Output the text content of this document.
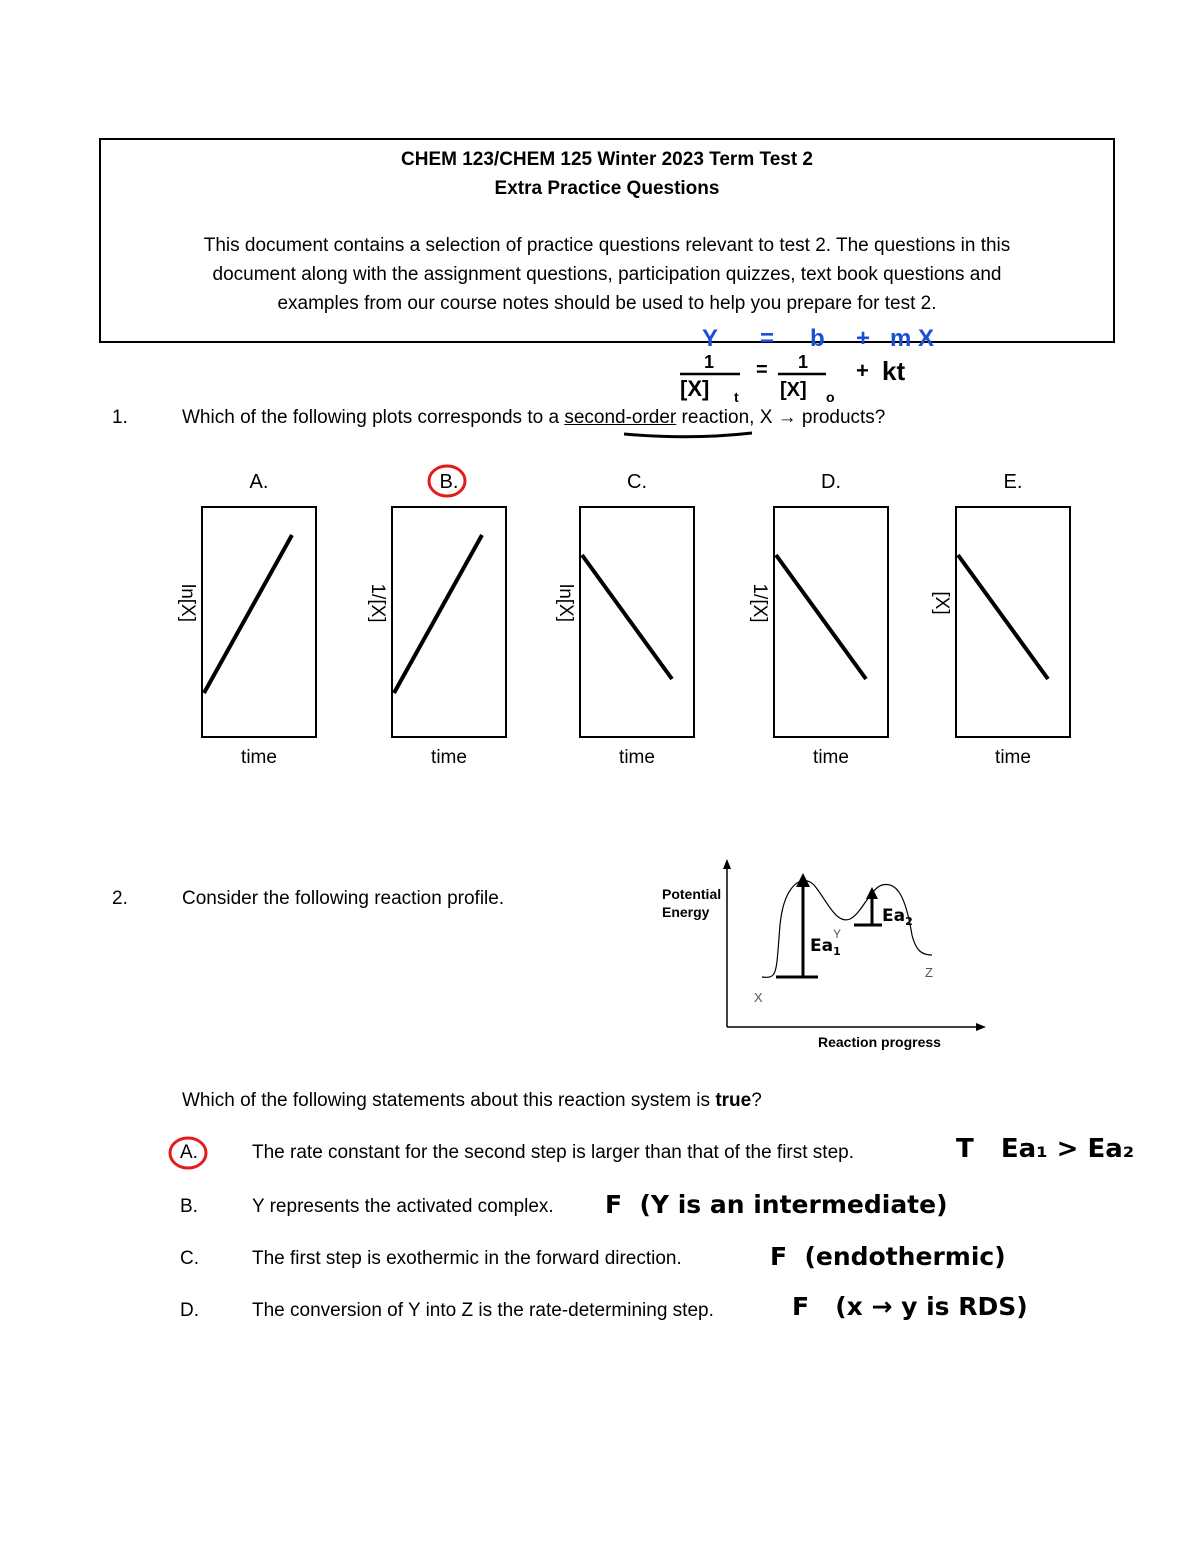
CHEM 123/CHEM 125 Winter 2023 Term Test 2
Extra Practice Questions
This document contains a selection of practice questions relevant to test 2. The questions in this
document along with the assignment questions, participation quizzes, text book questions and
examples from our course notes should be used to help you prepare for test 2.
Y = b + m X
1
[X] t
= 1
[X] o
+ kt
1.	Which of the following plots corresponds to a second-order reaction, X → products?
A.
ln[X]
time
B.
1/[X]
time
C.
ln[X]
time
D.
1/[X]
time
E.
[X]
time
2.	Consider the following reaction profile.	Potential
Energy
Reaction progress
X
Y
Z
$Ea_1$
$Ea_2$
Which of the following statements about this reaction system is true?
A.	The rate constant for the second step is larger than that of the first step.	T   Ea₁ > Ea₂
B.	Y represents the activated complex. F  (Y is an intermediate)
C.	The first step is exothermic in the forward direction.	F  (endothermic)
D.	The conversion of Y into Z is the rate-determining step.	F   (x → y is RDS)
